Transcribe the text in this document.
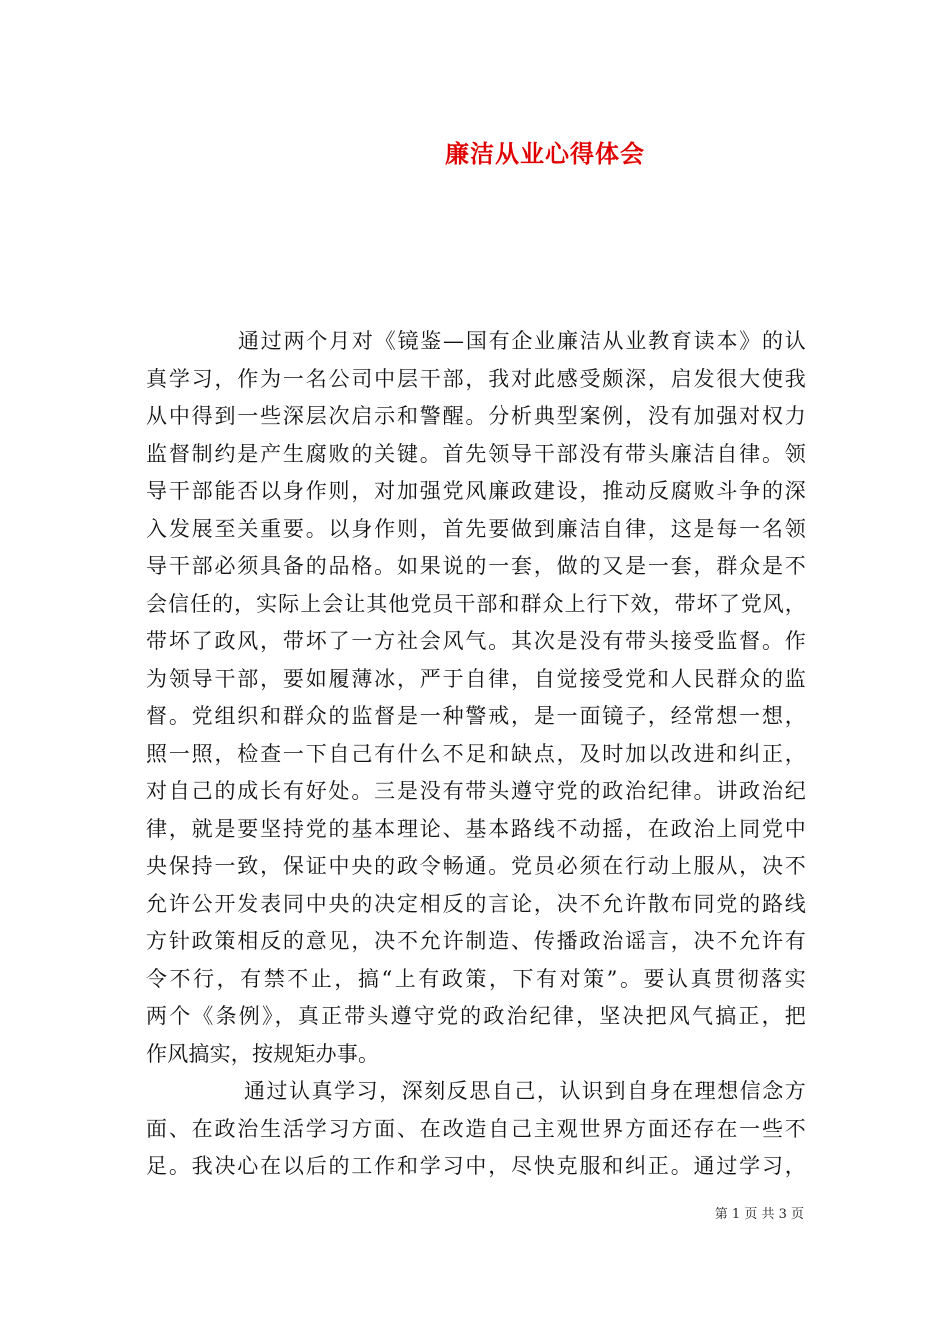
廉洁从业心得体会
通过两个月对《镜鉴—国有企业廉洁从业教育读本》的认
真学习，作为一名公司中层干部，我对此感受颇深，启发很大使我
从中得到一些深层次启示和警醒。分析典型案例，没有加强对权力
监督制约是产生腐败的关键。首先领导干部没有带头廉洁自律。领
导干部能否以身作则，对加强党风廉政建设，推动反腐败斗争的深
入发展至关重要。以身作则，首先要做到廉洁自律，这是每一名领
导干部必须具备的品格。如果说的一套，做的又是一套，群众是不
会信任的，实际上会让其他党员干部和群众上行下效，带坏了党风，
带坏了政风，带坏了一方社会风气。其次是没有带头接受监督。作
为领导干部，要如履薄冰，严于自律，自觉接受党和人民群众的监
督。党组织和群众的监督是一种警戒，是一面镜子，经常想一想，
照一照，检查一下自己有什么不足和缺点，及时加以改进和纠正，
对自己的成长有好处。三是没有带头遵守党的政治纪律。讲政治纪
律，就是要坚持党的基本理论、基本路线不动摇，在政治上同党中
央保持一致，保证中央的政令畅通。党员必须在行动上服从，决不
允许公开发表同中央的决定相反的言论，决不允许散布同党的路线
方针政策相反的意见，决不允许制造、传播政治谣言，决不允许有
令不行，有禁不止，搞“上有政策，下有对策”。要认真贯彻落实
两个《条例》，真正带头遵守党的政治纪律，坚决把风气搞正，把
作风搞实，按规矩办事。
通过认真学习，深刻反思自己，认识到自身在理想信念方
面、在政治生活学习方面、在改造自己主观世界方面还存在一些不
足。我决心在以后的工作和学习中，尽快克服和纠正。通过学习，
第 1 页 共 3 页
